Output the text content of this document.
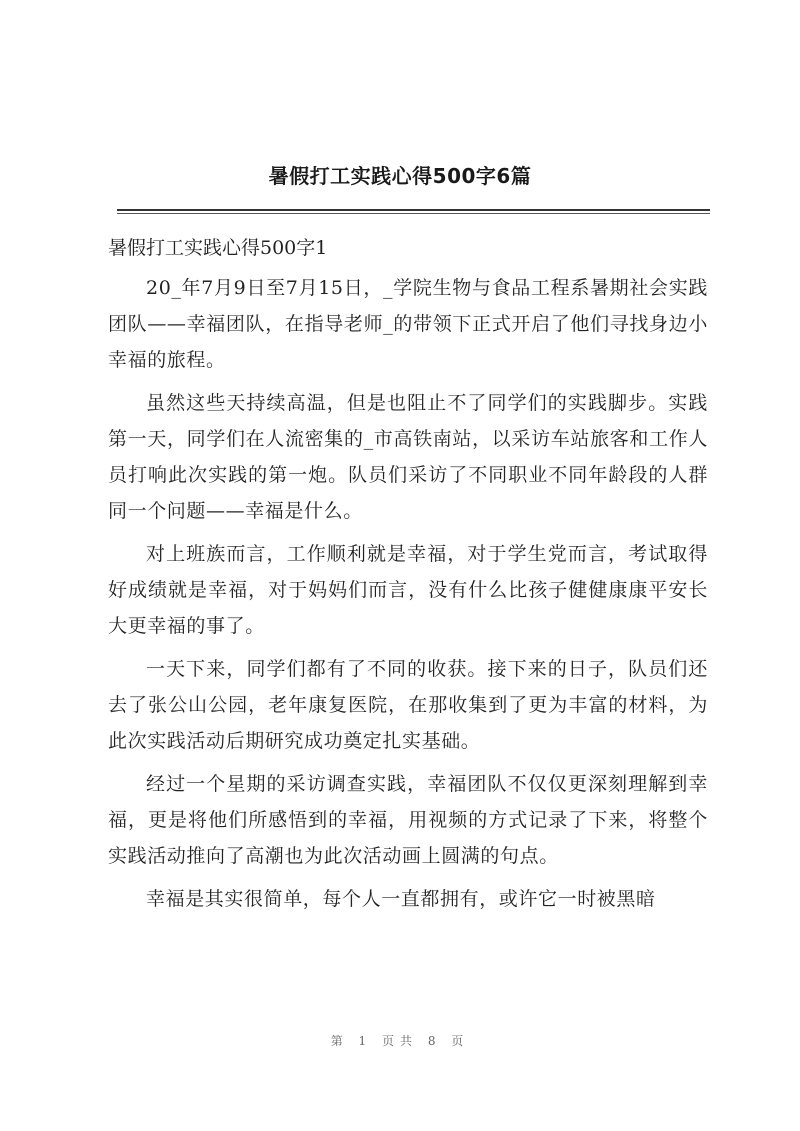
暑假打工实践心得500字6篇

暑假打工实践心得500字1

20_年7月9日至7月15日，_学院生物与食品工程系暑期社会实践团队——幸福团队，在指导老师_的带领下正式开启了他们寻找身边小幸福的旅程。

虽然这些天持续高温，但是也阻止不了同学们的实践脚步。实践第一天，同学们在人流密集的_市高铁南站，以采访车站旅客和工作人员打响此次实践的第一炮。队员们采访了不同职业不同年龄段的人群同一个问题——幸福是什么。

对上班族而言，工作顺利就是幸福，对于学生党而言，考试取得好成绩就是幸福，对于妈妈们而言，没有什么比孩子健健康康平安长大更幸福的事了。

一天下来，同学们都有了不同的收获。接下来的日子，队员们还去了张公山公园，老年康复医院，在那收集到了更为丰富的材料，为此次实践活动后期研究成功奠定扎实基础。

经过一个星期的采访调查实践，幸福团队不仅仅更深刻理解到幸福，更是将他们所感悟到的幸福，用视频的方式记录了下来，将整个实践活动推向了高潮也为此次活动画上圆满的句点。

幸福是其实很简单，每个人一直都拥有，或许它一时被黑暗

第 1 页共 8 页
